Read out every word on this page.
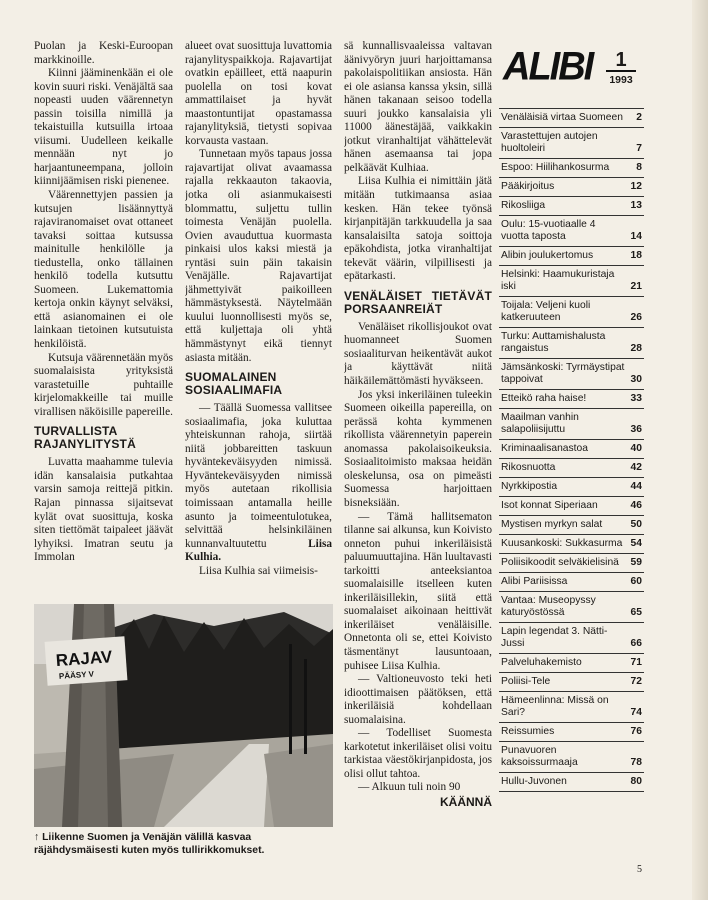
Puolan ja Keski-Euroopan markkinoille.

Kiinni jääminenkään ei ole kovin suuri riski. Venäjältä saa nopeasti uuden väärennetyn passin toisilla nimillä ja tekaistuilla kutsuilla irtoaa viisumi. Uudelleen keikalle mennään nyt jo harjaantuneempana, jolloin kiinnijäämisen riski pienenee.

Väärennettyjen passien ja kutsujen lisäännyttyä rajaviranomaiset ovat ottaneet tavaksi soittaa kutsussa mainitulle henkilölle ja tiedustella, onko tällainen henkilö todella kutsuttu Suomeen. Lukemattomia kertoja onkin käynyt selväksi, että asianomainen ei ole lainkaan tietoinen kutsutuista henkilöistä.

Kutsuja väärennetään myös suomalaisista yrityksistä varastetuille puhtaille kirjelomakkeille tai muille virallisen näköisille papereille.

TURVALLISTA RAJANYLITYSTÄ

Luvatta maahamme tulevia idän kansalaisia putkahtaa varsin samoja reittejä pitkin. Rajan pinnassa sijaitsevat kylät ovat suosittuja, koska siten tiettömät taipaleet jäävät lyhyiksi. Imatran seutu ja Immolan

alueet ovat suosittuja luvattomia rajanylityspaikkoja. Rajavartijat ovatkin epäilleet, että naapurin puolella on tosi kovat ammattilaiset ja hyvät maastontuntijat opastamassa rajanylityksiä, tietysti sopivaa korvausta vastaan.

Tunnetaan myös tapaus jossa rajavartijat olivat avaamassa rajalla rekkaauton takaovia, jotka oli asianmukaisesti blommattu, suljettu tullin toimesta Venäjän puolella. Ovien avauduttua kuormasta pinkaisi ulos kaksi miestä ja ryntäsi suin päin takaisin Venäjälle. Rajavartijat jähmettyivät paikoilleen hämmästyksestä. Näytelmään kuului luonnollisesti myös se, että kuljettaja oli yhtä hämmästynyt eikä tiennyt asiasta mitään.

SUOMALAINEN SOSIAALIMAFIA

— Täällä Suomessa vallitsee sosiaalimafia, joka kuluttaa yhteiskunnan rahoja, siirtää niitä jobbareitten taskuun hyväntekeväisyyden nimissä. Hyväntekeväisyyden nimissä myös autetaan rikollisia toimissaan antamalla heille asunto ja toimeentulotukea, selvittää helsinkiläinen kunnanvaltuutettu	Liisa Kulhia.

Liisa Kulhia sai viimeisis-

sä kunnallisvaaleissa valtavan äänivyöryn juuri harjoittamansa pakolaispolitiikan ansiosta. Hän ei ole asiansa kanssa yksin, sillä hänen takanaan seisoo todella suuri joukko kansalaisia yli 11000 äänestäjää, vaikkakin jotkut viranhaltijat vähättelevät hänen asemaansa tai jopa pelkäävät Kulhiaa.

Liisa Kulhia ei nimittäin jätä mitään tutkimaansa asiaa kesken. Hän tekee työnsä kirjanpitäjän tarkkuudella ja saa kansalaisilta satoja soittoja epäkohdista, jotka viranhaltijat tekevät väärin, vilpillisesti ja epätarkasti.

VENÄLÄISET TIETÄVÄT PORSAANREIÄT

Venäläiset rikollisjoukot ovat huomanneet Suomen sosiaaliturvan heikentävät aukot ja käyttävät niitä häikäilemättömästi hyväkseen.

Jos yksi inkeriläinen tuleekin Suomeen oikeilla papereilla, on perässä kohta kymmenen rikollista väärennetyin paperein anomassa pakolaisoikeuksia. Sosiaalitoimisto maksaa heidän oleskelunsa, osa on pimeästi Suomessa harjoittaen bisneksiään.

— Tämä hallitsematon tilanne sai alkunsa, kun Koivisto onneton puhui inkeriläisistä paluumuuttajina. Hän luultavasti tarkoitti anteeksiantoa suomalaisille itselleen kuten inkeriläisillekin, siitä että suomalaiset aikoinaan heittivät inkeriläiset venäläisille. Onnetonta oli se, ettei Koivisto täsmentänyt lausuntoaan, puhisee Liisa Kulhia.

— Valtioneuvosto teki heti idioottimaisen päätöksen, että inkeriläisiä kohdellaan suomalaisina.

— Todelliset Suomesta karkotetut inkeriläiset olisi voitu tarkistaa väestökirjanpidosta, jos olisi ollut tahtoa.

— Alkuun tuli noin 90

KÄÄNNÄ
RAJAV
PÄÄSY V
↑ Liikenne Suomen ja Venäjän välillä kasvaa räjähdysmäisesti kuten myös tullirikkomukset.
ALIBI	1
1993
Venäläisiä virtaa Suomeen 2
Varastettujen autojen huoltoleiri	7
Espoo: Hiilihankosurma	8
Pääkirjoitus	12
Rikosliiga	13
Oulu: 15-vuotiaalle 4 vuotta taposta	14
Alibin joulukertomus	18
Helsinki: Haamukuristaja iski	21
Toijala: Veljeni kuoli katkeruuteen	26
Turku: Auttamishalusta rangaistus	28
Jämsänkoski: Tyrmäystipat tappoivat	30
Etteikö raha haise!	33
Maailman vanhin salapoliisijuttu	36
Kriminaalisanastoa	40
Rikosnuotta	42
Nyrkkipostia	44
Isot konnat Siperiaan	46
Mystisen myrkyn salat	50
Kuusankoski: Sukkasurma 54
Poliisikoodit selväkielisinä	59
Alibi Pariisissa	60
Vantaa: Museopyssy katuryöstössä	65
Lapin legendat 3. Nätti-Jussi	66
Palveluhakemisto	71
Poliisi-Tele	72
Hämeenlinna: Missä on Sari?	74
Reissumies	76
Punavuoren kaksoissurmaaja	78
Hullu-Juvonen	80
5
